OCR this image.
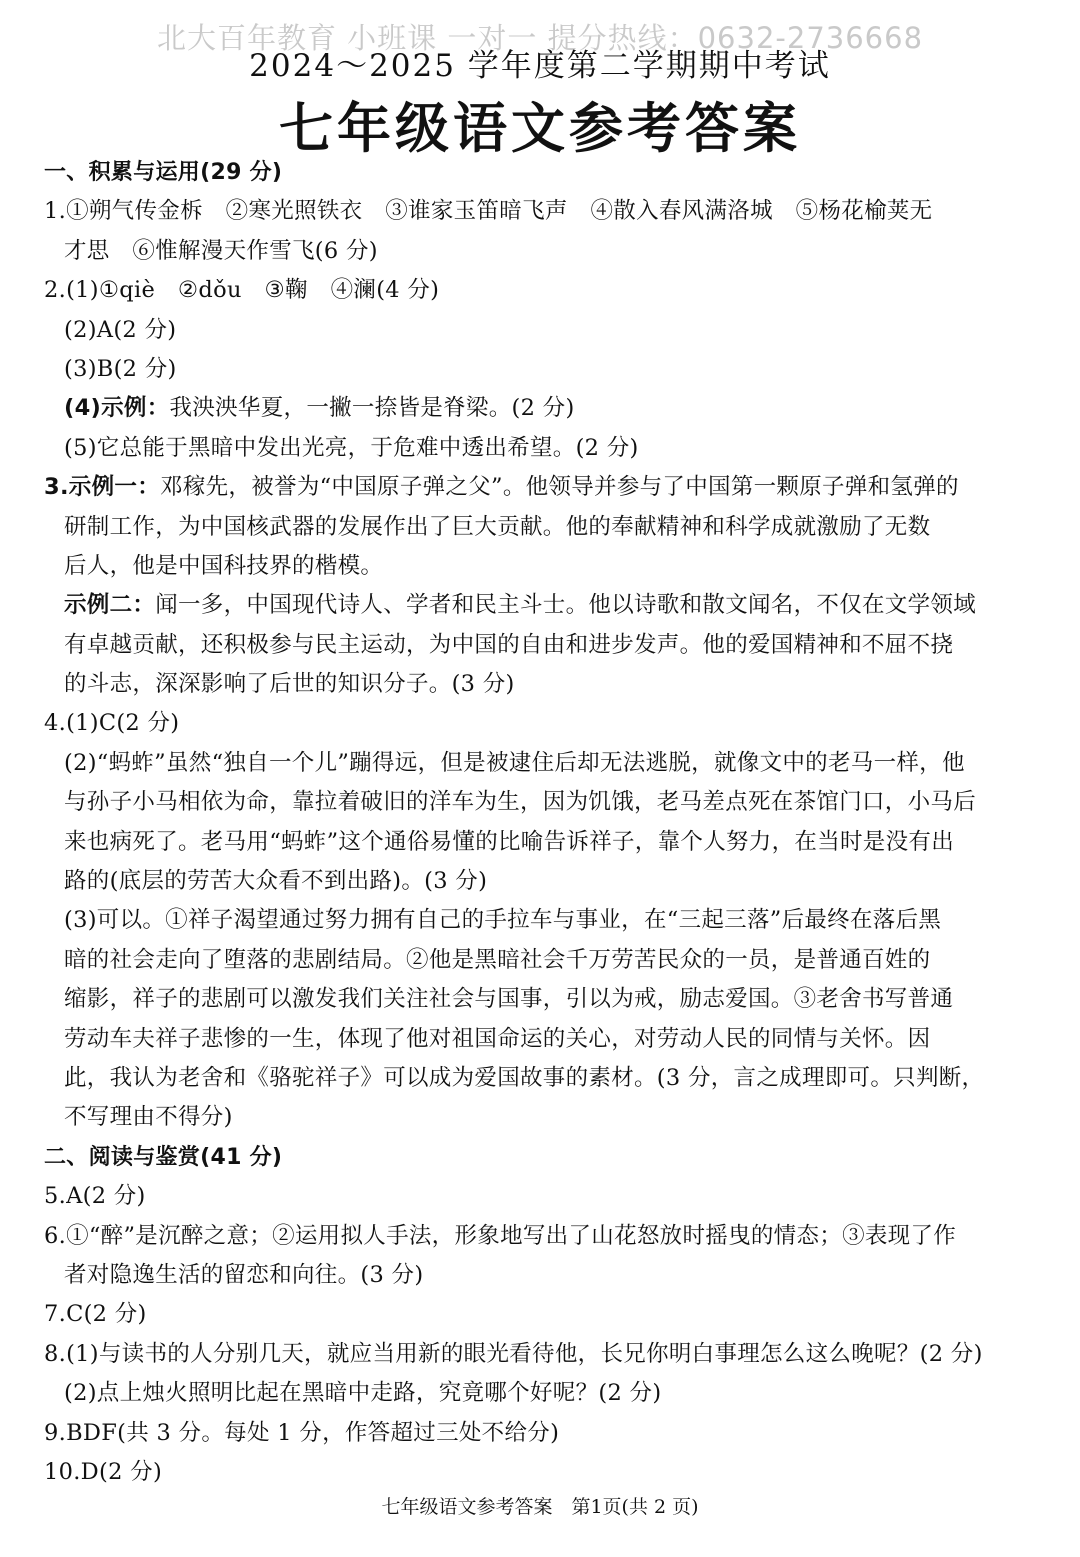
北大百年教育 小班课 一对一 提分热线：0632-2736668
2024～2025 学年度第二学期期中考试
七年级语文参考答案
一、积累与运用(29 分)
1.①朔气传金柝　②寒光照铁衣　③谁家玉笛暗飞声　④散入春风满洛城　⑤杨花榆荚无
才思　⑥惟解漫天作雪飞(6 分)
2.(1)①qiè　②dǒu　③鞠　④澜(4 分)
(2)A(2 分)
(3)B(2 分)
(4)示例：我泱泱华夏，一撇一捺皆是脊梁。(2 分)
(5)它总能于黑暗中发出光亮，于危难中透出希望。(2 分)
3.示例一：邓稼先，被誉为“中国原子弹之父”。他领导并参与了中国第一颗原子弹和氢弹的
研制工作，为中国核武器的发展作出了巨大贡献。他的奉献精神和科学成就激励了无数
后人，他是中国科技界的楷模。
示例二：闻一多，中国现代诗人、学者和民主斗士。他以诗歌和散文闻名，不仅在文学领域
有卓越贡献，还积极参与民主运动，为中国的自由和进步发声。他的爱国精神和不屈不挠
的斗志，深深影响了后世的知识分子。(3 分)
4.(1)C(2 分)
(2)“蚂蚱”虽然“独自一个儿”蹦得远，但是被逮住后却无法逃脱，就像文中的老马一样，他
与孙子小马相依为命，靠拉着破旧的洋车为生，因为饥饿，老马差点死在茶馆门口，小马后
来也病死了。老马用“蚂蚱”这个通俗易懂的比喻告诉祥子，靠个人努力，在当时是没有出
路的(底层的劳苦大众看不到出路)。(3 分)
(3)可以。①祥子渴望通过努力拥有自己的手拉车与事业，在“三起三落”后最终在落后黑
暗的社会走向了堕落的悲剧结局。②他是黑暗社会千万劳苦民众的一员，是普通百姓的
缩影，祥子的悲剧可以激发我们关注社会与国事，引以为戒，励志爱国。③老舍书写普通
劳动车夫祥子悲惨的一生，体现了他对祖国命运的关心，对劳动人民的同情与关怀。因
此，我认为老舍和《骆驼祥子》可以成为爱国故事的素材。(3 分，言之成理即可。只判断，
不写理由不得分)
二、阅读与鉴赏(41 分)
5.A(2 分)
6.①“醉”是沉醉之意；②运用拟人手法，形象地写出了山花怒放时摇曳的情态；③表现了作
者对隐逸生活的留恋和向往。(3 分)
7.C(2 分)
8.(1)与读书的人分别几天，就应当用新的眼光看待他，长兄你明白事理怎么这么晚呢？(2 分)
(2)点上烛火照明比起在黑暗中走路，究竟哪个好呢？(2 分)
9.BDF(共 3 分。每处 1 分，作答超过三处不给分)
10.D(2 分)
七年级语文参考答案　第1页(共 2 页)
